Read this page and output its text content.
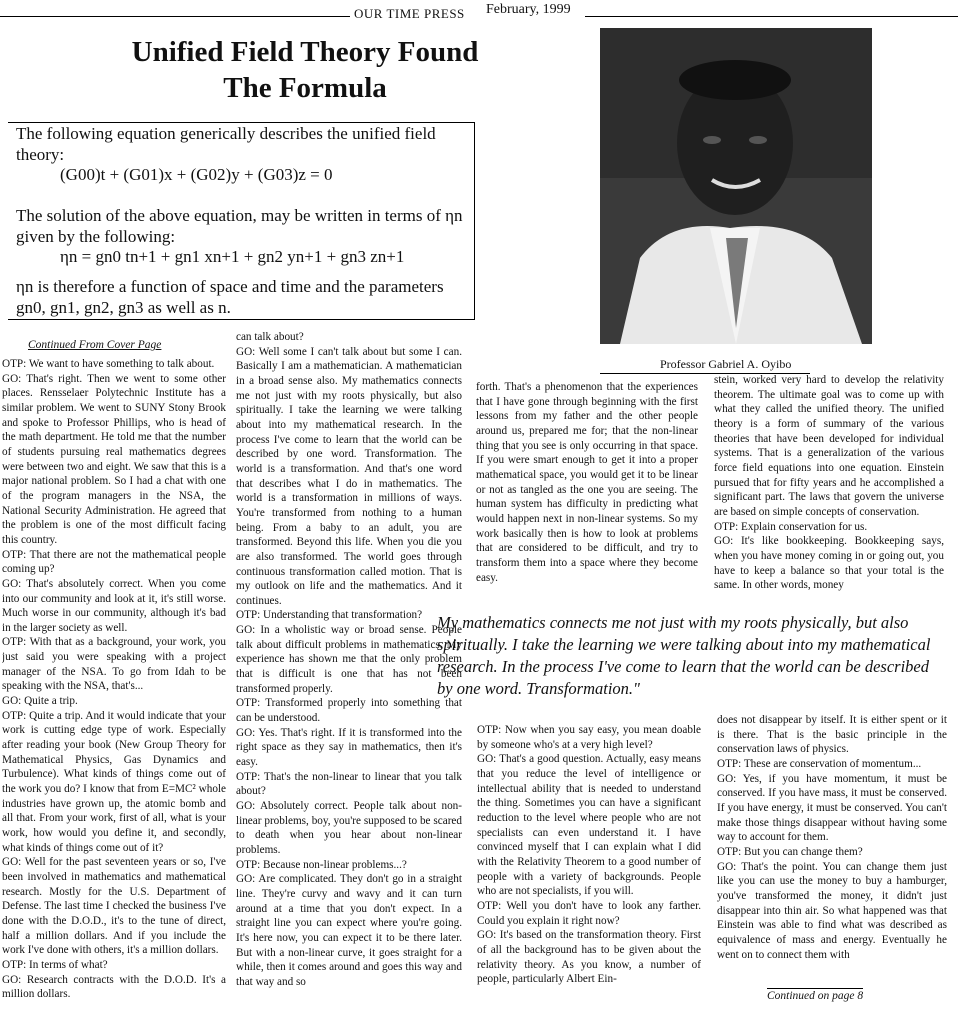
OUR TIME PRESS February, 1999
Unified Field Theory Found
The Formula

The following equation generically describes the unified field theory:

(G00)t + (G01)x + (G02)y + (G03)z = 0

The solution of the above equation, may be written in terms of ηn given by the following:

ηn = gn0 tn+1 + gn1 xn+1 + gn2 yn+1 + gn3 zn+1

ηn is therefore a function of space and time and the parameters gn0, gn1, gn2, gn3 as well as n.

Professor Gabriel A. Oyibo
Continued From Cover Page
Continued on page 8
OTP: We want to have something to talk about.
GO: That's right. Then we went to some other places. Rensselaer Polytechnic Institute has a similar problem. We went to SUNY Stony Brook and spoke to Professor Phillips, who is head of the math department. He told me that the number of students pursuing real mathematics degrees were between two and eight. We saw that this is a major national problem. So I had a chat with one of the program managers in the NSA, the National Security Administration. He agreed that the problem is one of the most difficult facing this country.
OTP: That there are not the mathematical people coming up?
GO: That's absolutely correct. When you come into our community and look at it, it's still worse. Much worse in our community, although it's bad in the larger society as well.
OTP: With that as a background, your work, you just said you were speaking with a project manager of the NSA. To go from Idah to be speaking with the NSA, that's...
GO: Quite a trip.
OTP: Quite a trip. And it would indicate that your work is cutting edge type of work. Especially after reading your book (New Group Theory for Mathematical Physics, Gas Dynamics and Turbulence). What kinds of things come out of the work you do? I know that from E=MC² whole industries have grown up, the atomic bomb and all that. From your work, first of all, what is your work, how would you define it, and secondly, what kinds of things come out of it?
GO: Well for the past seventeen years or so, I've been involved in mathematics and mathematical research. Mostly for the U.S. Department of Defense. The last time I checked the business I've done with the D.O.D., it's to the tune of direct, half a million dollars. And if you include the work I've done with others, it's a million dollars.
OTP: In terms of what?
GO: Research contracts with the D.O.D. It's a million dollars.
can talk about?
GO: Well some I can't talk about but some I can. Basically I am a mathematician. A mathematician in a broad sense also. My mathematics connects me not just with my roots physically, but also spiritually. I take the learning we were talking about into my mathematical research. In the process I've come to learn that the world can be described by one word. Transformation. The world is a transformation. And that's one word that describes what I do in mathematics. The world is a transformation in millions of ways. You're transformed from nothing to a human being. From a baby to an adult, you are transformed. Beyond this life. When you die you are also transformed. The world goes through continuous transformation called motion. That is my outlook on life and the mathematics. And it continues.
OTP: Understanding that transformation?
GO: In a wholistic way or broad sense. People talk about difficult problems in mathematics. My experience has shown me that the only problem that is difficult is one that has not been transformed properly.
OTP: Transformed properly into something that can be understood.
GO: Yes. That's right. If it is transformed into the right space as they say in mathematics, then it's easy.
OTP: That's the non-linear to linear that you talk about?
GO: Absolutely correct. People talk about non-linear problems, boy, you're supposed to be scared to death when you hear about non-linear problems.
OTP: Because non-linear problems...?
GO: Are complicated. They don't go in a straight line. They're curvy and wavy and it can turn around at a time that you don't expect. In a straight line you can expect where you're going. It's here now, you can expect it to be there later. But with a non-linear curve, it goes straight for a while, then it comes around and goes this way and that way and so
forth. That's a phenomenon that the experiences that I have gone through beginning with the first lessons from my father and the other people around us, prepared me for; that the non-linear thing that you see is only occurring in that space. If you were smart enough to get it into a proper mathematical space, you would get it to be linear or not as tangled as the one you are seeing. The human system has difficulty in predicting what would happen next in non-linear systems. So my work basically then is how to look at problems that are considered to be difficult, and try to transform them into a space where they become easy.
stein, worked very hard to develop the relativity theorem. The ultimate goal was to come up with what they called the unified theory. The unified theory is a form of summary of the various theories that have been developed for individual systems. That is a generalization of the various force field equations into one equation. Einstein pursued that for fifty years and he accomplished a significant part. The laws that govern the universe are based on simple concepts of conservation.
OTP: Explain conservation for us.
GO: It's like bookkeeping. Bookkeeping says, when you have money coming in or going out, you have to keep a balance so that your total is the same. In other words, money
My mathematics connects me not just with my roots physically, but also spiritually. I take the learning we were talking about into my mathematical research. In the process I've come to learn that the world can be described by one word. Transformation."
OTP: Now when you say easy, you mean doable by someone who's at a very high level?
GO: That's a good question. Actually, easy means that you reduce the level of intelligence or intellectual ability that is needed to understand the thing. Sometimes you can have a significant reduction to the level where people who are not specialists can even understand it. I have convinced myself that I can explain what I did with the Relativity Theorem to a good number of people with a variety of backgrounds. People who are not specialists, if you will.
OTP: Well you don't have to look any farther. Could you explain it right now?
GO: It's based on the transformation theory. First of all the background has to be given about the relativity theory. As you know, a number of people, particularly Albert Ein-
does not disappear by itself. It is either spent or it is there. That is the basic principle in the conservation laws of physics.
OTP: These are conservation of momentum...
GO: Yes, if you have momentum, it must be conserved. If you have mass, it must be conserved. If you have energy, it must be conserved. You can't make those things disappear without having some way to account for them.
OTP: But you can change them?
GO: That's the point. You can change them just like you can use the money to buy a hamburger, you've transformed the money, it didn't just disappear into thin air. So what happened was that Einstein was able to find what was described as equivalence of mass and energy. Eventually he went on to connect them with
